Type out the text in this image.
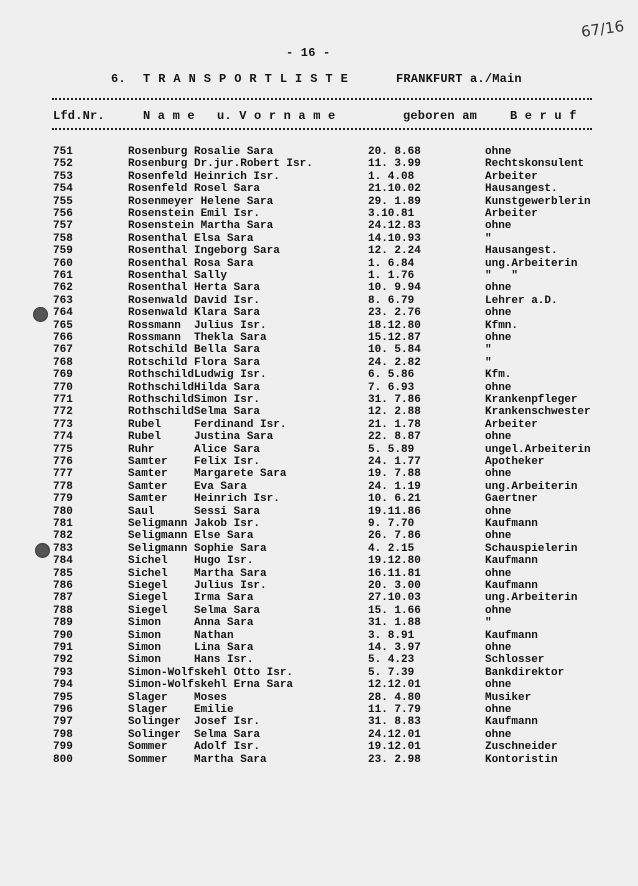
67/16
- 16 -
6. T R A N S P O R T L I S T E	FRANKFURT a./Main
Lfd.Nr.	N a m e   u. V o r n a m e	geboren am	B e r u f
751	Rosenburg Rosalie Sara	20. 8.68	ohne
752	Rosenburg Dr.jur.Robert Isr.	11. 3.99	Rechtskonsulent
753	Rosenfeld Heinrich Isr.	1. 4.08	Arbeiter
754	Rosenfeld Rosel Sara	21.10.02	Hausangest.
755	Rosenmeyer Helene Sara	29. 1.89	Kunstgewerblerin
756	Rosenstein Emil Isr.	3.10.81	Arbeiter
757	Rosenstein Martha Sara	24.12.83	ohne
758	Rosenthal Elsa Sara	14.10.93	"
759	Rosenthal Ingeborg Sara	12. 2.24	Hausangest.
760	Rosenthal Rosa Sara	1. 6.84	ung.Arbeiterin
761	Rosenthal Sally	1. 1.76	"   "
762	Rosenthal Herta Sara	10. 9.94	ohne
763	Rosenwald David Isr.	8. 6.79	Lehrer a.D.
764	Rosenwald Klara Sara	23. 2.76	ohne
765	Rossmann  Julius Isr.	18.12.80	Kfmn.
766	Rossmann  Thekla Sara	15.12.87	ohne
767	Rotschild Bella Sara	10. 5.84	"
768	Rotschild Flora Sara	24. 2.82	"
769	RothschildLudwig Isr.	6. 5.86	Kfm.
770	RothschildHilda Sara	7. 6.93	ohne
771	RothschildSimon Isr.	31. 7.86	Krankenpfleger
772	RothschildSelma Sara	12. 2.88	Krankenschwester
773	Rubel     Ferdinand Isr.	21. 1.78	Arbeiter
774	Rubel     Justina Sara	22. 8.87	ohne
775	Ruhr      Alice Sara	5. 5.89	ungel.Arbeiterin
776	Samter    Felix Isr.	24. 1.77	Apotheker
777	Samter    Margarete Sara	19. 7.88	ohne
778	Samter    Eva Sara	24. 1.19	ung.Arbeiterin
779	Samter    Heinrich Isr.	10. 6.21	Gaertner
780	Saul      Sessi Sara	19.11.86	ohne
781	Seligmann Jakob Isr.	9. 7.70	Kaufmann
782	Seligmann Else Sara	26. 7.86	ohne
783	Seligmann Sophie Sara	4. 2.15	Schauspielerin
784	Sichel    Hugo Isr.	19.12.80	Kaufmann
785	Sichel    Martha Sara	16.11.81	ohne
786	Siegel    Julius Isr.	20. 3.00	Kaufmann
787	Siegel    Irma Sara	27.10.03	ung.Arbeiterin
788	Siegel    Selma Sara	15. 1.66	ohne
789	Simon     Anna Sara	31. 1.88	"
790	Simon     Nathan	3. 8.91	Kaufmann
791	Simon     Lina Sara	14. 3.97	ohne
792	Simon     Hans Isr.	5. 4.23	Schlosser
793	Simon-Wolfskehl Otto Isr.	5. 7.39	Bankdirektor
794	Simon-Wolfskehl Erna Sara	12.12.01	ohne
795	Slager    Moses	28. 4.80	Musiker
796	Slager    Emilie	11. 7.79	ohne
797	Solinger  Josef Isr.	31. 8.83	Kaufmann
798	Solinger  Selma Sara	24.12.01	ohne
799	Sommer    Adolf Isr.	19.12.01	Zuschneider
800	Sommer    Martha Sara	23. 2.98	Kontoristin
